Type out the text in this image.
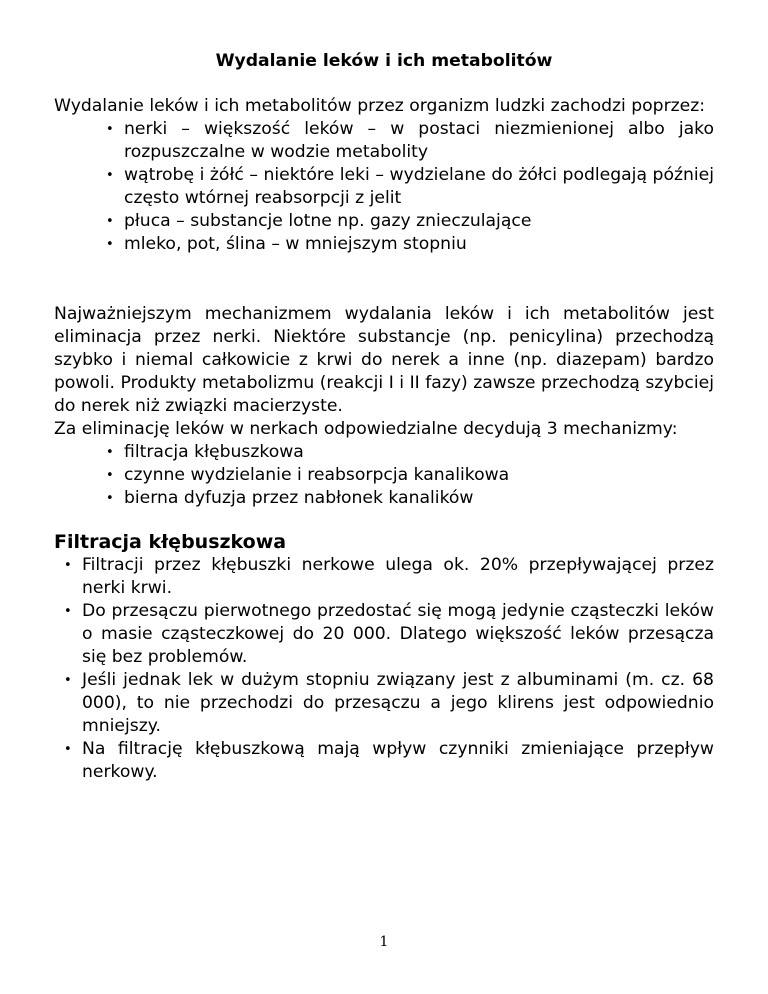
Wydalanie leków i ich metabolitów

Wydalanie leków i ich metabolitów przez organizm ludzki zachodzi poprzez:

• nerki – większość leków – w postaci niezmienionej albo jako rozpuszczalne w wodzie metabolity
• wątrobę i żółć – niektóre leki – wydzielane do żółci podlegają później często wtórnej reabsorpcji z jelit
• płuca – substancje lotne np. gazy znieczulające
• mleko, pot, ślina – w mniejszym stopniu

Najważniejszym mechanizmem wydalania leków i ich metabolitów jest eliminacja przez nerki. Niektóre substancje (np. penicylina) przechodzą szybko i niemal całkowicie z krwi do nerek a inne (np. diazepam) bardzo powoli. Produkty metabolizmu (reakcji I i II fazy) zawsze przechodzą szybciej do nerek niż związki macierzyste.

Za eliminację leków w nerkach odpowiedzialne decydują 3 mechanizmy:

• filtracja kłębuszkowa
• czynne wydzielanie i reabsorpcja kanalikowa
• bierna dyfuzja przez nabłonek kanalików
Filtracja kłębuszkowa
• Filtracji przez kłębuszki nerkowe ulega ok. 20% przepływającej przez nerki krwi.
• Do przesączu pierwotnego przedostać się mogą jedynie cząsteczki leków o masie cząsteczkowej do 20 000. Dlatego większość leków przesącza się bez problemów.
• Jeśli jednak lek w dużym stopniu związany jest z albuminami (m. cz. 68 000), to nie przechodzi do przesączu a jego klirens jest odpowiednio mniejszy.
• Na filtrację kłębuszkową mają wpływ czynniki zmieniające przepływ nerkowy.
1
